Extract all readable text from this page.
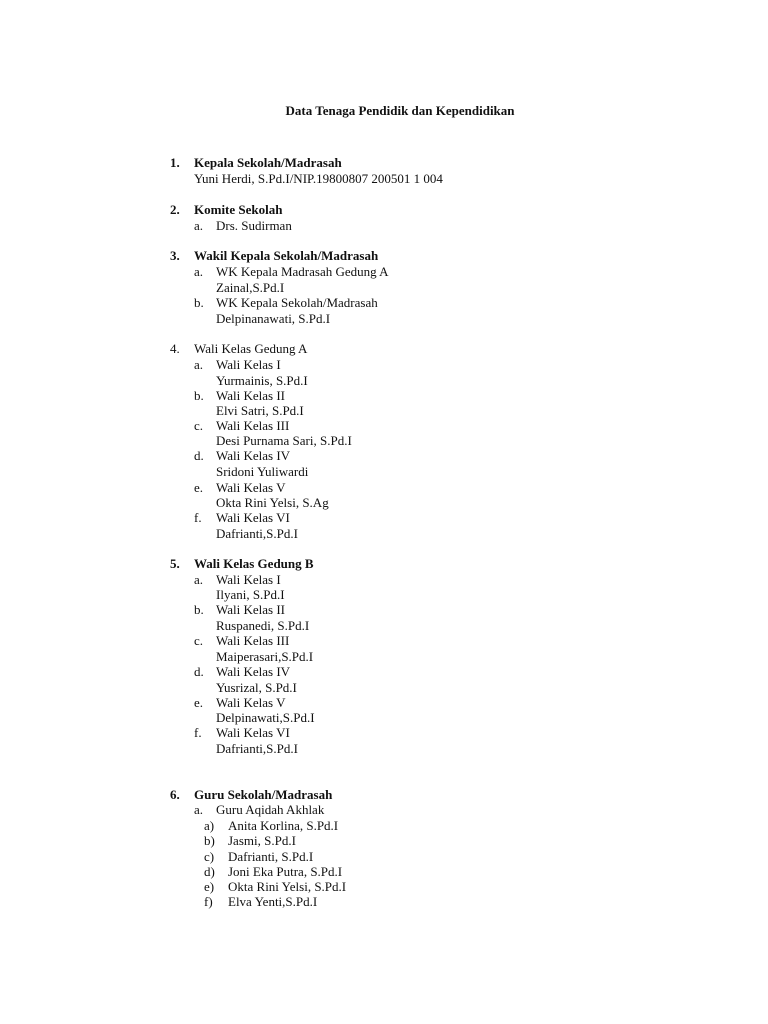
Data Tenaga Pendidik dan Kependidikan
1. Kepala Sekolah/Madrasah
Yuni Herdi, S.Pd.I/NIP.19800807 200501 1 004
2. Komite Sekolah
a. Drs. Sudirman
3. Wakil Kepala Sekolah/Madrasah
a. WK Kepala Madrasah Gedung A
Zainal,S.Pd.I
b. WK Kepala Sekolah/Madrasah
Delpinanawati, S.Pd.I
4. Wali Kelas Gedung A
a. Wali Kelas I
Yurmainis, S.Pd.I
b. Wali Kelas II
Elvi Satri, S.Pd.I
c. Wali Kelas III
Desi Purnama Sari, S.Pd.I
d. Wali Kelas IV
Sridoni Yuliwardi
e. Wali Kelas V
Okta Rini Yelsi, S.Ag
f. Wali Kelas VI
Dafrianti,S.Pd.I
5. Wali Kelas Gedung B
a. Wali Kelas I
Ilyani, S.Pd.I
b. Wali Kelas II
Ruspanedi, S.Pd.I
c. Wali Kelas III
Maiperasari,S.Pd.I
d. Wali Kelas IV
Yusrizal, S.Pd.I
e. Wali Kelas V
Delpinawati,S.Pd.I
f. Wali Kelas VI
Dafrianti,S.Pd.I
6. Guru Sekolah/Madrasah
a. Guru Aqidah Akhlak
a) Anita Korlina, S.Pd.I
b) Jasmi, S.Pd.I
c) Dafrianti, S.Pd.I
d) Joni Eka Putra, S.Pd.I
e) Okta Rini Yelsi, S.Pd.I
f) Elva Yenti,S.Pd.I
